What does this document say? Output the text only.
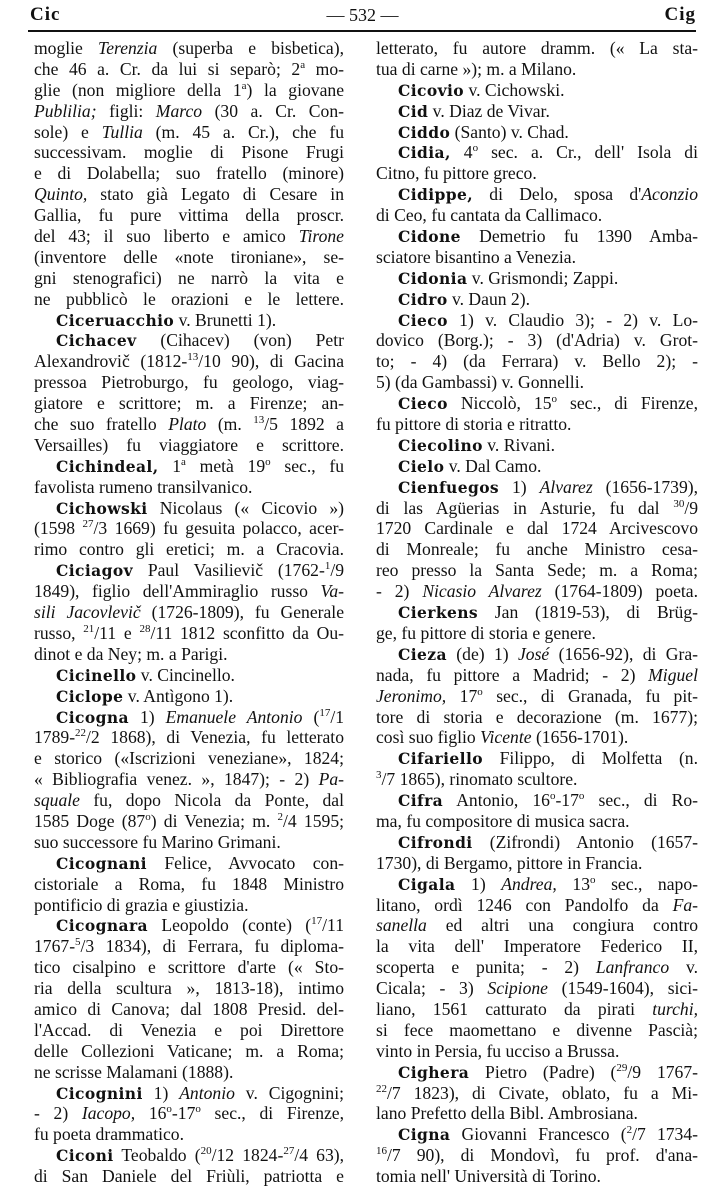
Cic	— 532 —	Cig
moglie Terenzia (superba e bisbetica),
che 46 a. Cr. da lui si separò; 2$^a$ mo-
glie (non migliore della 1$^a$) la giovane
Publilia; figli: Marco (30 a. Cr. Con-
sole) e Tullia (m. 45 a. Cr.), che fu
successivam. moglie di Pisone Frugi
e di Dolabella; suo fratello (minore)
Quinto, stato già Legato di Cesare in
Gallia, fu pure vittima della proscr.
del 43; il suo liberto e amico Tirone
(inventore delle «note tironiane», se-
gni stenografici) ne narrò la vita e
ne pubblicò le orazioni e le lettere.
Ciceruacchio v. Brunetti 1).
Cichacev (Cihacev) (von) Petr
Alexandrovič (1812-$^{13}$/10 90), di Gacina
pressoa Pietroburgo, fu geologo, viag-
giatore e scrittore; m. a Firenze; an-
che suo fratello Plato (m. $^{13}$/5 1892 a
Versailles) fu viaggiatore e scrittore.
Cichindeal, 1$^a$ metà 19$^o$ sec., fu
favolista rumeno transilvanico.
Cichowski Nicolaus (« Cicovio »)
(1598 $^{27}$/3 1669) fu gesuita polacco, acer-
rimo contro gli eretici; m. a Cracovia.
Ciciagov Paul Vasilievič (1762-$^1$/9
1849), figlio dell'Ammiraglio russo Va-
sili Jacovlevič (1726-1809), fu Generale
russo, $^{21}$/11 e $^{28}$/11 1812 sconfitto da Ou-
dinot e da Ney; m. a Parigi.
Cicinello v. Cincinello.
Ciclope v. Antìgono 1).
Cicogna 1) Emanuele Antonio ($^{17}$/1
1789-$^{22}$/2 1868), di Venezia, fu letterato
e storico («Iscrizioni veneziane», 1824;
« Bibliografia venez. », 1847); - 2) Pa-
squale fu, dopo Nicola da Ponte, dal
1585 Doge (87$^o$) di Venezia; m. $^2$/4 1595;
suo successore fu Marino Grimani.
Cicognani Felice, Avvocato con-
cistoriale a Roma, fu 1848 Ministro
pontificio di grazia e giustizia.
Cicognara Leopoldo (conte) ($^{17}$/11
1767-$^5$/3 1834), di Ferrara, fu diploma-
tico cisalpino e scrittore d'arte (« Sto-
ria della scultura », 1813-18), intimo
amico di Canova; dal 1808 Presid. del-
l'Accad. di Venezia e poi Direttore
delle Collezioni Vaticane; m. a Roma;
ne scrisse Malamani (1888).
Cicognini 1) Antonio v. Cigognini;
- 2) Iacopo, 16$^o$-17$^o$ sec., di Firenze,
fu poeta drammatico.
Ciconi Teobaldo ($^{20}$/12 1824-$^{27}$/4 63),
di San Daniele del Friùli, patriotta e
letterato, fu autore dramm. (« La sta-
tua di carne »); m. a Milano.
Cicovio v. Cichowski.
Cid v. Diaz de Vivar.
Ciddo (Santo) v. Chad.
Cidia, 4$^o$ sec. a. Cr., dell' Isola di
Citno, fu pittore greco.
Cidippe, di Delo, sposa d'Aconzio
di Ceo, fu cantata da Callimaco.
Cidone Demetrio fu 1390 Amba-
sciatore bisantino a Venezia.
Cidonia v. Grismondi; Zappi.
Cidro v. Daun 2).
Cieco 1) v. Claudio 3); - 2) v. Lo-
dovico (Borg.); - 3) (d'Adria) v. Grot-
to; - 4) (da Ferrara) v. Bello 2); -
5) (da Gambassi) v. Gonnelli.
Cieco Niccolò, 15$^o$ sec., di Firenze,
fu pittore di storia e ritratto.
Ciecolino v. Rivani.
Cielo v. Dal Camo.
Cienfuegos 1) Alvarez (1656-1739),
di las Agüerias in Asturie, fu dal $^{30}$/9
1720 Cardinale e dal 1724 Arcivescovo
di Monreale; fu anche Ministro cesa-
reo presso la Santa Sede; m. a Roma;
- 2) Nicasio Alvarez (1764-1809) poeta.
Cierkens Jan (1819-53), di Brüg-
ge, fu pittore di storia e genere.
Cieza (de) 1) José (1656-92), di Gra-
nada, fu pittore a Madrid; - 2) Miguel
Jeronimo, 17$^o$ sec., di Granada, fu pit-
tore di storia e decorazione (m. 1677);
così suo figlio Vicente (1656-1701).
Cifariello Filippo, di Molfetta (n.
$^3$/7 1865), rinomato scultore.
Cifra Antonio, 16$^o$-17$^o$ sec., di Ro-
ma, fu compositore di musica sacra.
Cifrondi (Zifrondi) Antonio (1657-
1730), di Bergamo, pittore in Francia.
Cigala 1) Andrea, 13$^o$ sec., napo-
litano, ordì 1246 con Pandolfo da Fa-
sanella ed altri una congiura contro
la vita dell' Imperatore Federico II,
scoperta e punita; - 2) Lanfranco v.
Cicala; - 3) Scipione (1549-1604), sici-
liano, 1561 catturato da pirati turchi,
si fece maomettano e divenne Pascià;
vinto in Persia, fu ucciso a Brussa.
Cighera Pietro (Padre) ($^{29}$/9 1767-
$^{22}$/7 1823), di Civate, oblato, fu a Mi-
lano Prefetto della Bibl. Ambrosiana.
Cigna Giovanni Francesco ($^2$/7 1734-
$^{16}$/7 90), di Mondovì, fu prof. d'ana-
tomia nell' Università di Torino.
